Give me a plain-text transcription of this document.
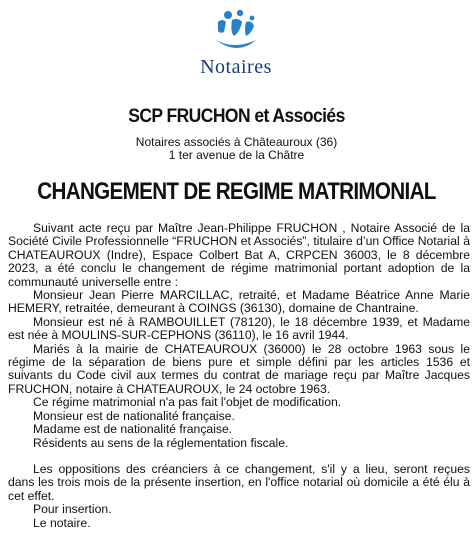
Notaires
SCP FRUCHON et Associés
Notaires associés à Châteauroux (36)
1 ter avenue de la Châtre
CHANGEMENT DE REGIME MATRIMONIAL

Suivant acte reçu par Maître Jean-Philippe FRUCHON , Notaire Associé de la Société Civile Professionnelle “FRUCHON et Associés”, titulaire d’un Office Notarial à CHATEAUROUX (Indre), Espace Colbert Bat A, CRPCEN 36003, le 8 décembre 2023, a été conclu le changement de régime matrimonial portant adoption de la communauté universelle entre :

Monsieur Jean Pierre MARCILLAC, retraité, et Madame Béatrice Anne Marie HEMERY, retraitée, demeurant à COINGS (36130), domaine de Chantraine.

Monsieur est né à RAMBOUILLET (78120), le 18 décembre 1939, et Madame est née à MOULINS-SUR-CEPHONS (36110), le 16 avril 1944.

Mariés à la mairie de CHATEAUROUX (36000) le 28 octobre 1963 sous le régime de la séparation de biens pure et simple défini par les articles 1536 et suivants du Code civil aux termes du contrat de mariage reçu par Maître Jacques FRUCHON, notaire à CHATEAUROUX, le 24 octobre 1963.

Ce régime matrimonial n'a pas fait l'objet de modification.

Monsieur est de nationalité française.

Madame est de nationalité française.

Résidents au sens de la réglementation fiscale.

Les oppositions des créanciers à ce changement, s'il y a lieu, seront reçues dans les trois mois de la présente insertion, en l'office notarial où domicile a été élu à cet effet.

Pour insertion.

Le notaire.
